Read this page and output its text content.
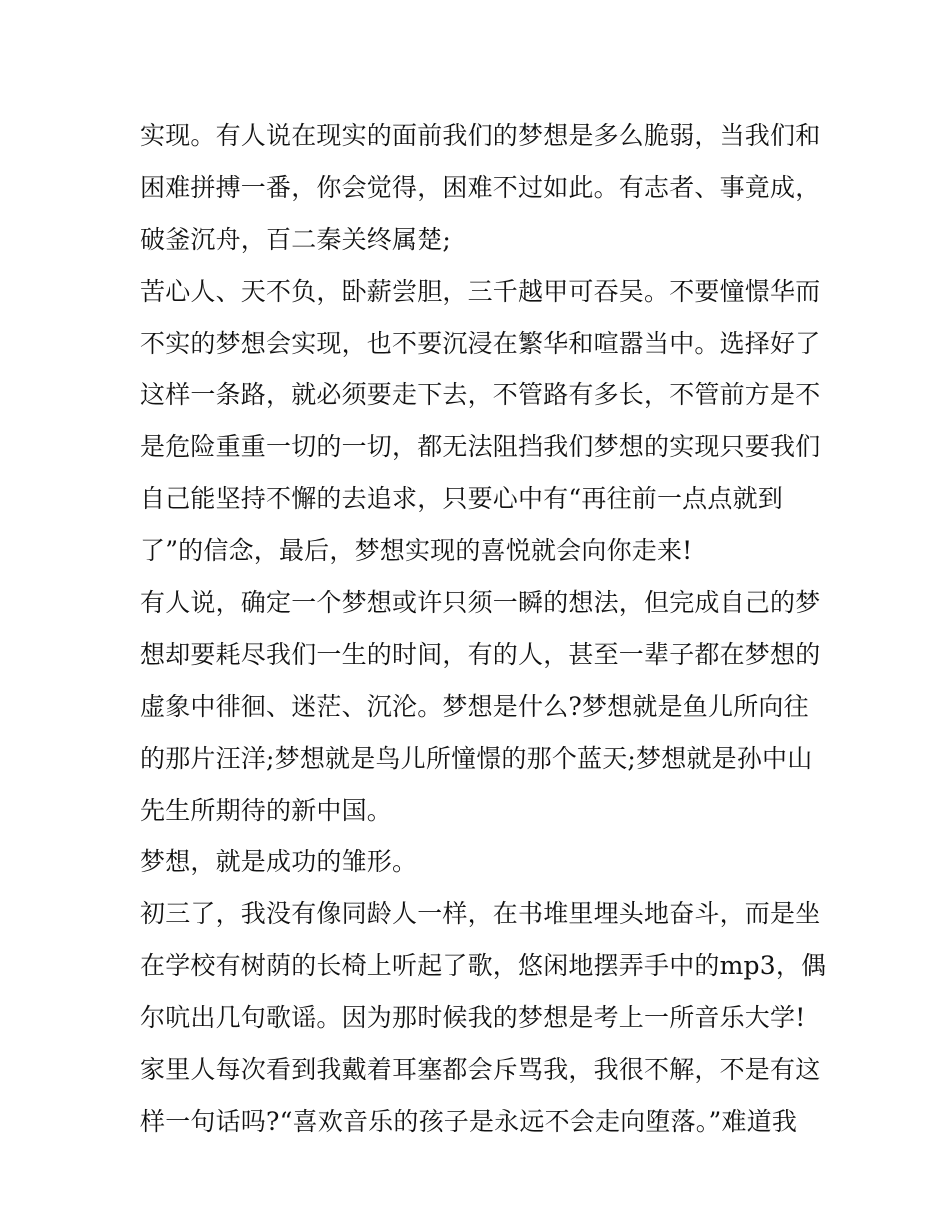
实现。有人说在现实的面前我们的梦想是多么脆弱，当我们和
困难拼搏一番，你会觉得，困难不过如此。有志者、事竟成，
破釜沉舟，百二秦关终属楚;
苦心人、天不负，卧薪尝胆，三千越甲可吞吴。不要憧憬华而
不实的梦想会实现，也不要沉浸在繁华和喧嚣当中。选择好了
这样一条路，就必须要走下去，不管路有多长，不管前方是不
是危险重重一切的一切，都无法阻挡我们梦想的实现只要我们
自己能坚持不懈的去追求，只要心中有“再往前一点点就到
了”的信念，最后，梦想实现的喜悦就会向你走来!
有人说，确定一个梦想或许只须一瞬的想法，但完成自己的梦
想却要耗尽我们一生的时间，有的人，甚至一辈子都在梦想的
虚象中徘徊、迷茫、沉沦。梦想是什么?梦想就是鱼儿所向往
的那片汪洋;梦想就是鸟儿所憧憬的那个蓝天;梦想就是孙中山
先生所期待的新中国。
梦想，就是成功的雏形。
初三了，我没有像同龄人一样，在书堆里埋头地奋斗，而是坐
在学校有树荫的长椅上听起了歌，悠闲地摆弄手中的mp3，偶
尔吭出几句歌谣。因为那时候我的梦想是考上一所音乐大学!
家里人每次看到我戴着耳塞都会斥骂我，我很不解，不是有这
样一句话吗?“喜欢音乐的孩子是永远不会走向堕落。”难道我
